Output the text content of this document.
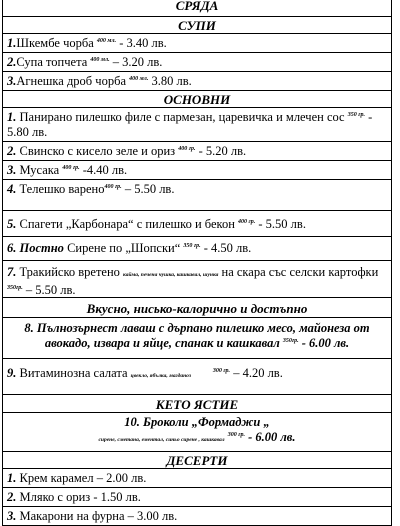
СРЯДА
СУПИ
1.Шкембе чорба $^{400 мл.}$ - 3.40 лв.
2.Супа топчета $^{400 мл.}$ – 3.20 лв.
3.Агнешка дроб чорба $^{400 мл.}$ 3.80 лв.
ОСНОВНИ
1. Панирано пилешко филе с пармезан, царевичка и млечен сос $^{350 гр.}$ - 5.80 лв.
2. Свинско с кисело зеле и ориз $^{400 гр.}$ - 5.20 лв.
3. Мусака $^{400 гр.}$ -4.40 лв.
4. Телешко варено$^{400 гр.}$ – 5.50 лв.
5. Спагети „Карбонара“ с пилешко и бекон $^{400 гр.}$ - 5.50 лв.
6. Постно Сирене по „Шопски“ $^{350 гр.}$ - 4.50 лв.
7. Тракийско вретено кайма, печена чушка, кашкавал, шунка на скара със селски картофки $^{350гр.}$ – 5.50 лв.
Вкусно, нисько-калорично и достъпно
8. Пълнозърнест лаваш с дърпано пилешко месо, майонеза от авокадо, извара и яйце, спанак и кашкавал $^{350гр.}$ - 6.00 лв.
9. Витаминозна салата цвекло, ябълка, магданоз       $^{300 гр.}$ – 4.20 лв.
КЕТО ЯСТИЕ
10. Броколи „Формаджи „
сирене, сметана, ементал, синьо сирене , кашкавал $^{300 гр.}$ - 6.00 лв.
ДЕСЕРТИ
1. Крем карамел – 2.00 лв.
2. Мляко с ориз - 1.50 лв.
3. Макарони на фурна – 3.00 лв.
